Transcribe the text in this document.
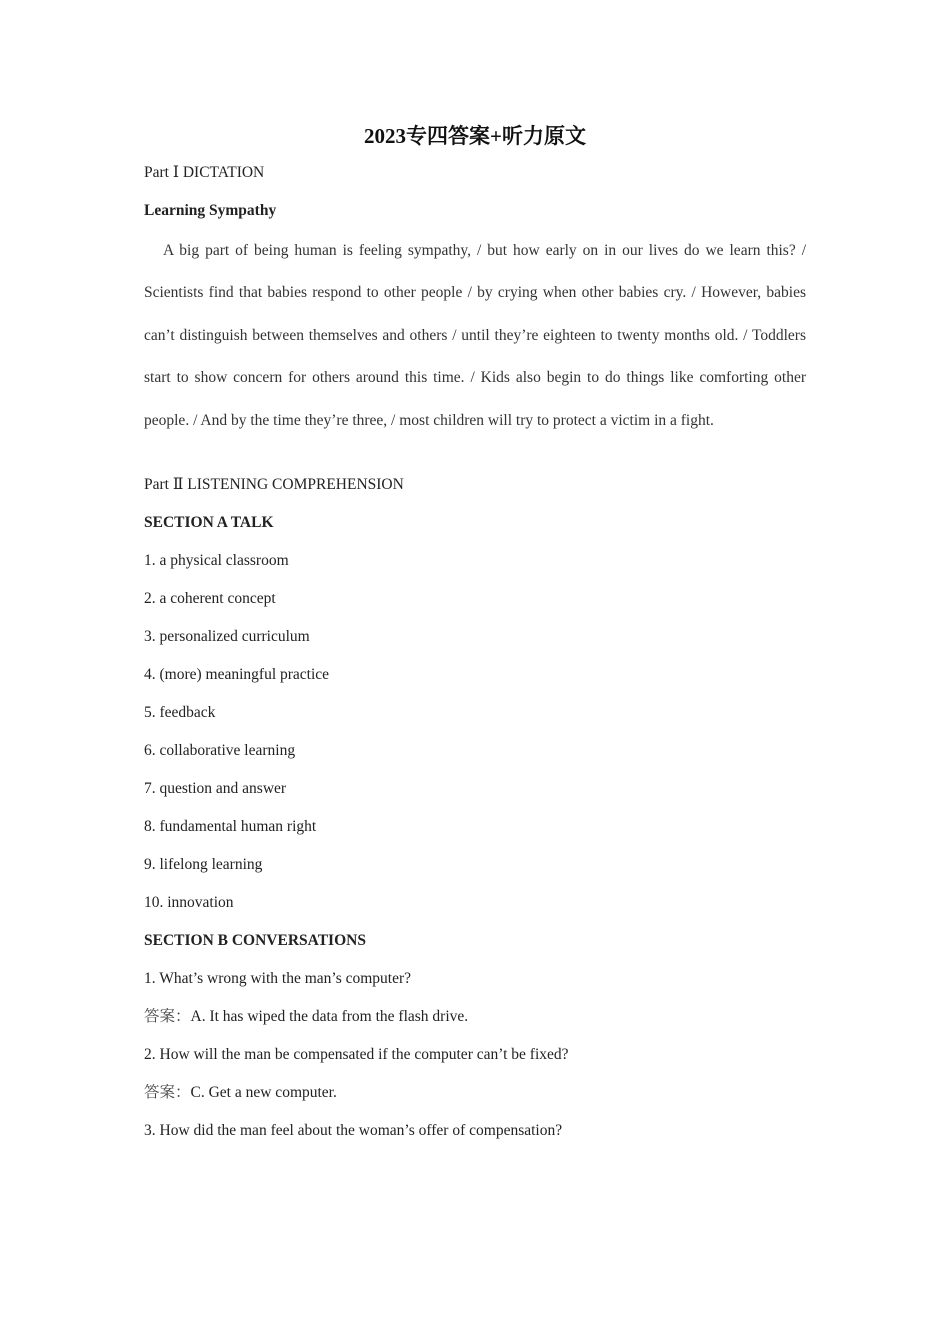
2023专四答案+听力原文
Part Ⅰ DICTATION
Learning Sympathy

A big part of being human is feeling sympathy, / but how early on in our lives do we learn this? / Scientists find that babies respond to other people / by crying when other babies cry. / However, babies can’t distinguish between themselves and others / until they’re eighteen to twenty months old. / Toddlers start to show concern for others around this time. / Kids also begin to do things like comforting other people. / And by the time they’re three, / most children will try to protect a victim in a fight.

Part Ⅱ LISTENING COMPREHENSION
SECTION A TALK
1. a physical classroom
2. a coherent concept
3. personalized curriculum
4. (more) meaningful practice
5. feedback
6. collaborative learning
7. question and answer
8. fundamental human right
9. lifelong learning
10. innovation
SECTION B CONVERSATIONS
1. What’s wrong with the man’s computer?
答案：A. It has wiped the data from the flash drive.
2. How will the man be compensated if the computer can’t be fixed?
答案：C. Get a new computer.
3. How did the man feel about the woman’s offer of compensation?
